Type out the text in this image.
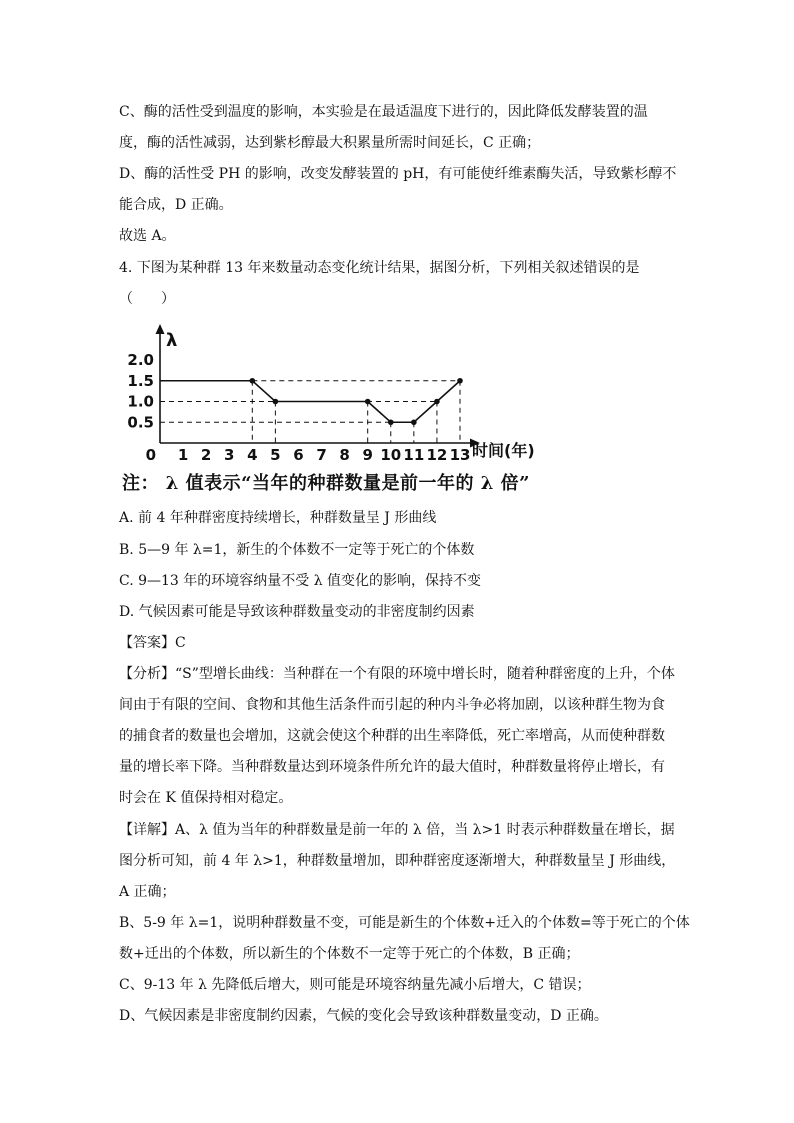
C、酶的活性受到温度的影响，本实验是在最适温度下进行的，因此降低发酵装置的温
度，酶的活性减弱，达到紫杉醇最大积累量所需时间延长，C 正确；
D、酶的活性受 PH 的影响，改变发酵装置的 pH，有可能使纤维素酶失活，导致紫杉醇不
能合成，D 正确。
故选 A。
4. 下图为某种群 13 年来数量动态变化统计结果，据图分析，下列相关叙述错误的是
（　　）
λ
时间(年)
0 1 2 3 4 5 6 7 8 9 10 11 12 13
0.5
1.0
1.5
2.0
注： λ 值表示“当年的种群数量是前一年的 λ 倍”
A. 前 4 年种群密度持续增长，种群数量呈 J 形曲线
B. 5—9 年 λ=1，新生的个体数不一定等于死亡的个体数
C. 9—13 年的环境容纳量不受 λ 值变化的影响，保持不变
D. 气候因素可能是导致该种群数量变动的非密度制约因素
【答案】C
【分析】“S”型增长曲线：当种群在一个有限的环境中增长时，随着种群密度的上升，个体
间由于有限的空间、食物和其他生活条件而引起的种内斗争必将加剧，以该种群生物为食
的捕食者的数量也会增加，这就会使这个种群的出生率降低，死亡率增高，从而使种群数
量的增长率下降。当种群数量达到环境条件所允许的最大值时，种群数量将停止增长，有
时会在 K 值保持相对稳定。
【详解】A、λ 值为当年的种群数量是前一年的 λ 倍，当 λ>1 时表示种群数量在增长，据
图分析可知，前 4 年 λ>1，种群数量增加，即种群密度逐渐增大，种群数量呈 J 形曲线，
A 正确；
B、5-9 年 λ=1，说明种群数量不变，可能是新生的个体数+迁入的个体数=等于死亡的个体
数+迁出的个体数，所以新生的个体数不一定等于死亡的个体数，B 正确；
C、9-13 年 λ 先降低后增大，则可能是环境容纳量先减小后增大，C 错误；
D、气候因素是非密度制约因素，气候的变化会导致该种群数量变动，D 正确。
